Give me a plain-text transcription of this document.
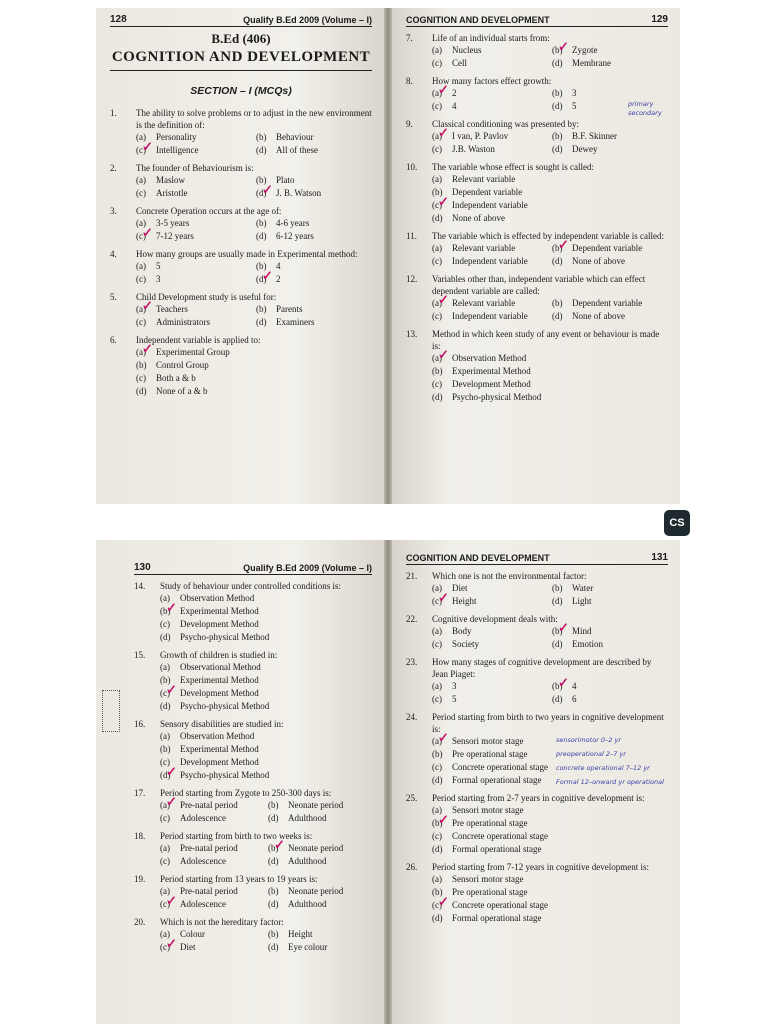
128	Qualify B.Ed 2009 (Volume – I)
B.Ed (406)
COGNITION AND DEVELOPMENT
SECTION – I (MCQs)
1.	The ability to solve problems or to adjust in the new environment is the definition of:
(a)	Personality	(b)	Behaviour
(c) ✓	Intelligence	(d)	All of these
2.	The founder of Behaviourism is:
(a)	Maslow	(b)	Plato
(c)	Aristotle	(d) ✓	J. B. Watson
3.	Concrete Operation occurs at the age of:
(a)	3-5 years	(b)	4-6 years
(c) ✓	7-12 years	(d)	6-12 years
4.	How many groups are usually made in Experimental method:
(a)	5	(b)	4
(c)	3	(d) ✓	2
5.	Child Development study is useful for:
(a) ✓	Teachers	(b)	Parents
(c)	Administrators	(d)	Examiners
6.	Independent variable is applied to:
(a) ✓	Experimental Group
(b)	Control Group
(c)	Both a & b
(d)	None of a & b
COGNITION AND DEVELOPMENT	129
7.	Life of an individual starts from:
(a)	Nucleus	(b) ✓	Zygote
(c)	Cell	(d)	Membrane
8.	How many factors effect growth:
(a) ✓	2	(b)	3
(c)	4	(d)	5
9.	Classical conditioning was presented by:
(a) ✓	I van, P. Pavlov	(b)	B.F. Skinner
(c)	J.B. Waston	(d)	Dewey
10.	The variable whose effect is sought is called:
(a)	Relevant variable
(b)	Dependent variable
(c) ✓	Independent variable
(d)	None of above
11.	The variable which is effected by independent variable is called:
(a)	Relevant variable	(b) ✓	Dependent variable
(c)	Independent variable	(d)	None of above
12.	Variables other than, independent variable which can effect dependent variable are called:
(a) ✓	Relevant variable	(b)	Dependent variable
(c)	Independent variable	(d)	None of above
13.	Method in which keen study of any event or behaviour is made is:
(a) ✓	Observation Method
(b)	Experimental Method
(c)	Development Method
(d)	Psycho-physical Method
primary
secondary
CS
130	Qualify B.Ed 2009 (Volume – I)
14.	Study of behaviour under controlled conditions is:
(a)	Observation Method
(b) ✓	Experimental Method
(c)	Development Method
(d)	Psycho-physical Method
15.	Growth of children is studied in:
(a)	Observational Method
(b)	Experimental Method
(c) ✓	Development Method
(d)	Psycho-physical Method
16.	Sensory disabilities are studied in:
(a)	Observation Method
(b)	Experimental Method
(c)	Development Method
(d) ✓	Psycho-physical Method
17.	Period starting from Zygote to 250-300 days is:
(a) ✓	Pre-natal period	(b)	Neonate period
(c)	Adolescence	(d)	Adulthood
18.	Period starting from birth to two weeks is:
(a)	Pre-natal period	(b) ✓	Neonate period
(c)	Adolescence	(d)	Adulthood
19.	Period starting from 13 years to 19 years is:
(a)	Pre-natal period	(b)	Neonate period
(c) ✓	Adolescence	(d)	Adulthood
20.	Which is not the hereditary factor:
(a)	Colour	(b)	Height
(c) ✓	Diet	(d)	Eye colour
COGNITION AND DEVELOPMENT	131
21.	Which one is not the environmental factor:
(a)	Diet	(b)	Water
(c) ✓	Height	(d)	Light
22.	Cognitive development deals with:
(a)	Body	(b) ✓	Mind
(c)	Society	(d)	Emotion
23.	How many stages of cognitive development are described by Jean Piaget:
(a)	3	(b) ✓	4
(c)	5	(d)	6
24.	Period starting from birth to two years in cognitive development is:
(a) ✓	Sensori motor stage
(b)	Pre operational stage
(c)	Concrete operational stage
(d)	Formal operational stage
25.	Period starting from 2-7 years in cognitive development is:
(a)	Sensori motor stage
(b) ✓	Pre operational stage
(c)	Concrete operational stage
(d)	Formal operational stage
26.	Period starting from 7-12 years in cognitive development is:
(a)	Sensori motor stage
(b)	Pre operational stage
(c) ✓	Concrete operational stage
(d)	Formal operational stage
sensorimotor 0–2 yr
preoperational 2–7 yr
concrete operational 7–12 yr
Formal 12–onward yr operational
